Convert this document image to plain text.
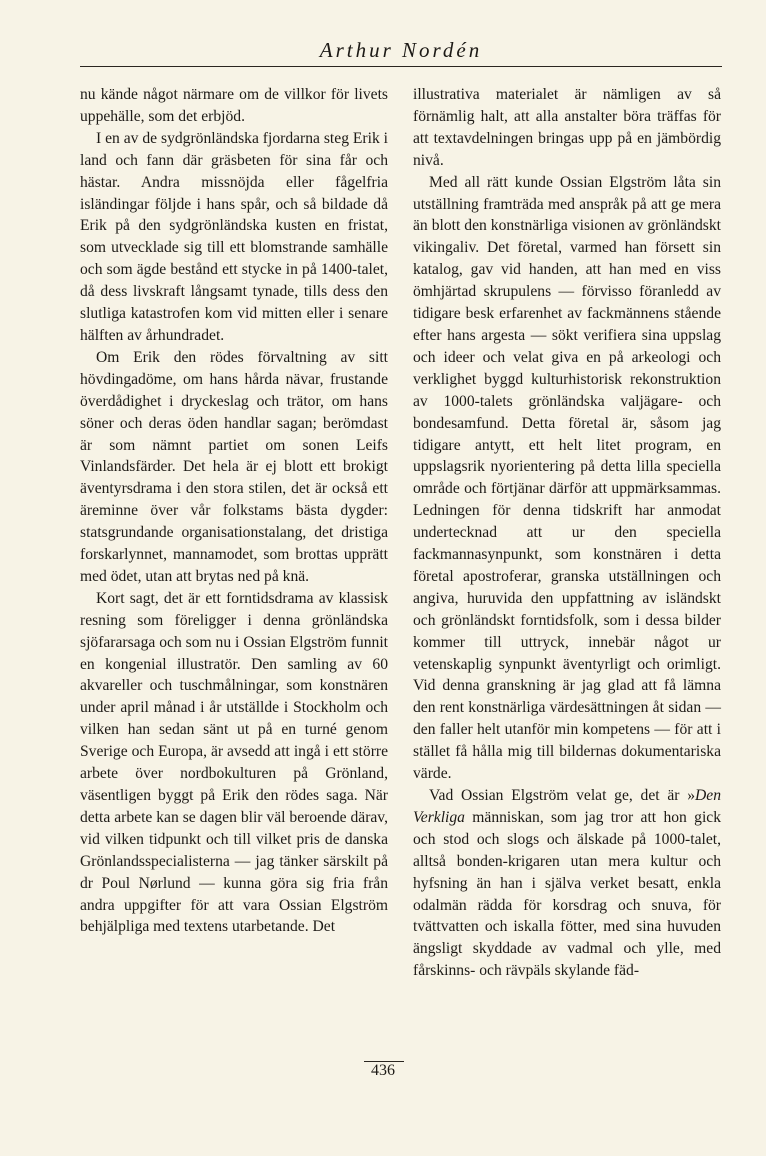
Arthur Nordén

nu kände något närmare om de villkor för livets uppehälle, som det erbjöd.

I en av de sydgrönländska fjordarna steg Erik i land och fann där gräsbeten för sina får och hästar. Andra missnöjda eller fågelfria isländingar följde i hans spår, och så bildade då Erik på den sydgrönländska kusten en fristat, som utvecklade sig till ett blomstrande samhälle och som ägde bestånd ett stycke in på 1400-talet, då dess livskraft långsamt tynade, tills dess den slutliga katastrofen kom vid mitten eller i senare hälften av århundradet.

Om Erik den rödes förvaltning av sitt hövdingadöme, om hans hårda nävar, frustande överdådighet i dryckeslag och trätor, om hans söner och deras öden handlar sagan; berömdast är som nämnt partiet om sonen Leifs Vinlandsfärder. Det hela är ej blott ett brokigt äventyrsdrama i den stora stilen, det är också ett äreminne över vår folkstams bästa dygder: statsgrundande organisationstalang, det dristiga forskarlynnet, mannamodet, som brottas upprätt med ödet, utan att brytas ned på knä.

Kort sagt, det är ett forntidsdrama av klassisk resning som föreligger i denna grönländska sjöfararsaga och som nu i Ossian Elgström funnit en kongenial illustratör. Den samling av 60 akvareller och tuschmålningar, som konstnären under april månad i år utställde i Stockholm och vilken han sedan sänt ut på en turné genom Sverige och Europa, är avsedd att ingå i ett större arbete över nordbokulturen på Grönland, väsentligen byggt på Erik den rödes saga. När detta arbete kan se dagen blir väl beroende därav, vid vilken tidpunkt och till vilket pris de danska Grönlandsspecialisterna — jag tänker särskilt på dr Poul Nørlund — kunna göra sig fria från andra uppgifter för att vara Ossian Elgström behjälpliga med textens utarbetande. Det

illustrativa materialet är nämligen av så förnämlig halt, att alla anstalter böra träffas för att textavdelningen bringas upp på en jämbördig nivå.

Med all rätt kunde Ossian Elgström låta sin utställning framträda med anspråk på att ge mera än blott den konstnärliga visionen av grönländskt vikingaliv. Det företal, varmed han försett sin katalog, gav vid handen, att han med en viss ömhjärtad skrupulens — förvisso föranledd av tidigare besk erfarenhet av fackmännens stående efter hans argesta — sökt verifiera sina uppslag och ideer och velat giva en på arkeologi och verklighet byggd kulturhistorisk rekonstruktion av 1000-talets grönländska valjägare- och bondesamfund. Detta företal är, såsom jag tidigare antytt, ett helt litet program, en uppslagsrik nyorientering på detta lilla speciella område och förtjänar därför att uppmärksammas. Ledningen för denna tidskrift har anmodat undertecknad att ur den speciella fackmannasynpunkt, som konstnären i detta företal apostroferar, granska utställningen och angiva, huruvida den uppfattning av isländskt och grönländskt forntidsfolk, som i dessa bilder kommer till uttryck, innebär något ur vetenskaplig synpunkt äventyrligt och orimligt. Vid denna granskning är jag glad att få lämna den rent konstnärliga värdesättningen åt sidan — den faller helt utanför min kompetens — för att i stället få hålla mig till bildernas dokumentariska värde.

Vad Ossian Elgström velat ge, det är »Den Verkliga människan, som jag tror att hon gick och stod och slogs och älskade på 1000-talet, alltså bonden-krigaren utan mera kultur och hyfsning än han i själva verket besatt, enkla odalmän rädda för korsdrag och snuva, för tvättvatten och iskalla fötter, med sina huvuden ängsligt skyddade av vadmal och ylle, med fårskinns- och rävpäls skylande fäd-

436
